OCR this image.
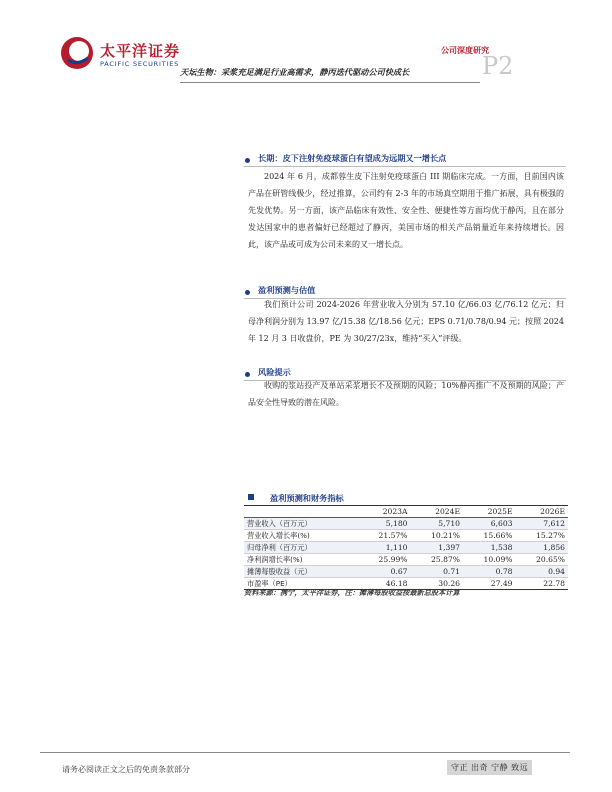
太平洋证券
PACIFIC SECURITIES
公司深度研究
P2
天坛生物：采浆充足满足行业高需求，静丙迭代驱动公司快成长
长期：皮下注射免疫球蛋白有望成为远期又一增长点
2024 年 6 月，成都蓉生皮下注射免疫球蛋白 III 期临床完成。一方面，目前国内该产品在研管线极少，经过推算，公司约有 2-3 年的市场真空期用于推广拓展，具有极强的先发优势。另一方面，该产品临床有效性、安全性、便捷性等方面均优于静丙，且在部分发达国家中的患者偏好已经超过了静丙，美国市场的相关产品销量近年来持续增长。因此，该产品或可成为公司未来的又一增长点。
盈利预测与估值
我们预计公司 2024-2026 年营业收入分别为 57.10 亿/66.03 亿/76.12 亿元；归母净利润分别为 13.97 亿/15.38 亿/18.56 亿元；EPS 0.71/0.78/0.94 元；按照 2024 年 12 月 3 日收盘价，PE 为 30/27/23x，维持“买入”评级。
风险提示
收购的浆站投产及单站采浆增长不及预期的风险；10%静丙推广不及预期的风险；产品安全性导致的潜在风险。
盈利预测和财务指标
	2023A	2024E	2025E	2026E
营业收入（百万元）	5,180	5,710	6,603	7,612
营业收入增长率(%)	21.57%	10.21%	15.66%	15.27%
归母净利（百万元）	1,110	1,397	1,538	1,856
净利润增长率(%)	25.99%	25.87%	10.09%	20.65%
摊薄每股收益（元）	0.67	0.71	0.78	0.94
市盈率（PE）	46.18	30.26	27.49	22.78
资料来源：携宁，太平洋证券，注：摊薄每股收益按最新总股本计算
请务必阅读正文之后的免责条款部分	守正 出奇 宁静 致远
